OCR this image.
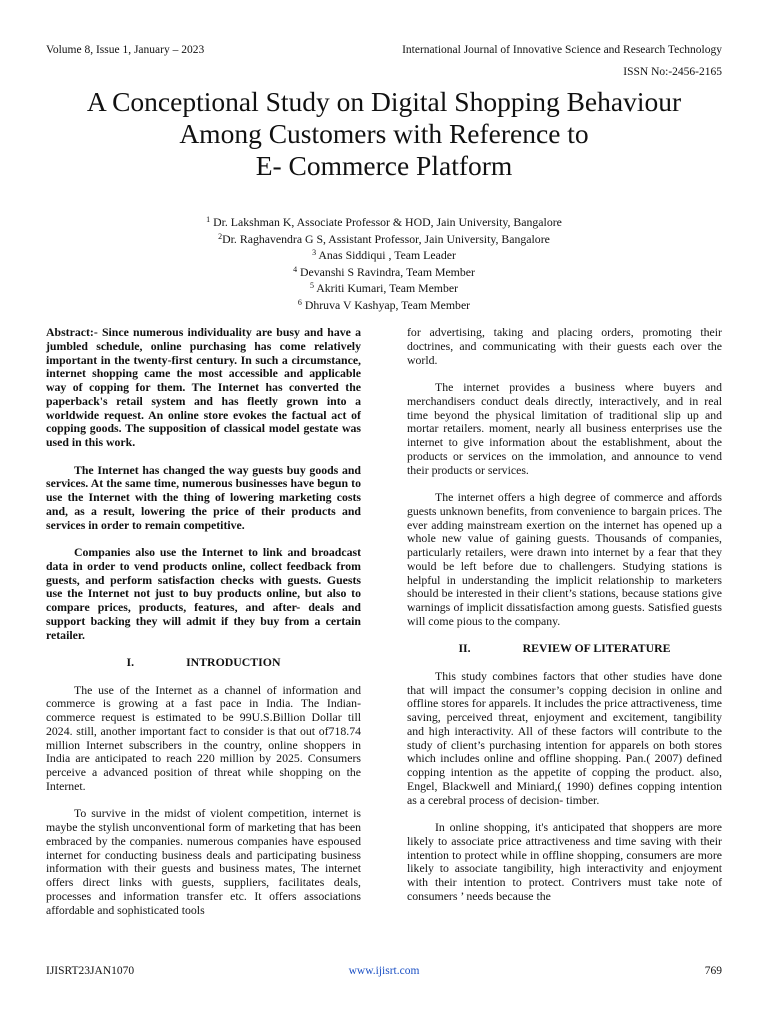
Volume 8, Issue 1, January – 2023	International Journal of Innovative Science and Research Technology
ISSN No:-2456-2165
A Conceptional Study on Digital Shopping Behaviour
Among Customers with Reference to
E- Commerce Platform
$^1$ Dr. Lakshman K, Associate Professor & HOD, Jain University, Bangalore
$^2$Dr. Raghavendra G S, Assistant Professor, Jain University, Bangalore
$^3$ Anas Siddiqui , Team Leader
$^4$ Devanshi S Ravindra, Team Member
$^5$ Akriti Kumari, Team Member
$^6$ Dhruva V Kashyap, Team Member

Abstract:- Since numerous individuality are busy and have a jumbled schedule, online purchasing has come relatively important in the twenty-first century. In such a circumstance, internet shopping came the most accessible and applicable way of copping for them. The Internet has converted the paperback's retail system and has fleetly grown into a worldwide request. An online store evokes the factual act of copping goods. The supposition of classical model gestate was used in this work.

The Internet has changed the way guests buy goods and services. At the same time, numerous businesses have begun to use the Internet with the thing of lowering marketing costs and, as a result, lowering the price of their products and services in order to remain competitive.

Companies also use the Internet to link and broadcast data in order to vend products online, collect feedback from guests, and perform satisfaction checks with guests. Guests use the Internet not just to buy products online, but also to compare prices, products, features, and after- deals and support backing they will admit if they buy from a certain retailer.

I.	INTRODUCTION

The use of the Internet as a channel of information and commerce is growing at a fast pace in India. The Indian-commerce request is estimated to be 99U.S.Billion Dollar till 2024. still, another important fact to consider is that out of718.74 million Internet subscribers in the country, online shoppers in India are anticipated to reach 220 million by 2025. Consumers perceive a advanced position of threat while shopping on the Internet.

To survive in the midst of violent competition, internet is maybe the stylish unconventional form of marketing that has been embraced by the companies. numerous companies have espoused internet for conducting business deals and participating business information with their guests and business mates, The internet offers direct links with guests, suppliers, facilitates deals, processes and information transfer etc. It offers associations affordable and sophisticated tools

for advertising, taking and placing orders, promoting their doctrines, and communicating with their guests each over the world.

The internet provides a business where buyers and merchandisers conduct deals directly, interactively, and in real time beyond the physical limitation of traditional slip up and mortar retailers. moment, nearly all business enterprises use the internet to give information about the establishment, about the products or services on the immolation, and announce to vend their products or services.

The internet offers a high degree of commerce and affords guests unknown benefits, from convenience to bargain prices. The ever adding mainstream exertion on the internet has opened up a whole new value of gaining guests. Thousands of companies, particularly retailers, were drawn into internet by a fear that they would be left before due to challengers. Studying stations is helpful in understanding the implicit relationship to marketers should be interested in their client’s stations, because stations give warnings of implicit dissatisfaction among guests. Satisfied guests will come pious to the company.

II.	REVIEW OF LITERATURE

This study combines factors that other studies have done that will impact the consumer’s copping decision in online and offline stores for apparels. It includes the price attractiveness, time saving, perceived threat, enjoyment and excitement, tangibility and high interactivity. All of these factors will contribute to the study of client’s purchasing intention for apparels on both stores which includes online and offline shopping. Pan.( 2007) defined copping intention as the appetite of copping the product. also, Engel, Blackwell and Miniard,( 1990) defines copping intention as a cerebral process of decision- timber.

In online shopping, it's anticipated that shoppers are more likely to associate price attractiveness and time saving with their intention to protect while in offline shopping, consumers are more likely to associate tangibility, high interactivity and enjoyment with their intention to protect. Contrivers must take note of consumers ’ needs because the

IJISRT23JAN1070	www.ijisrt.com	769
